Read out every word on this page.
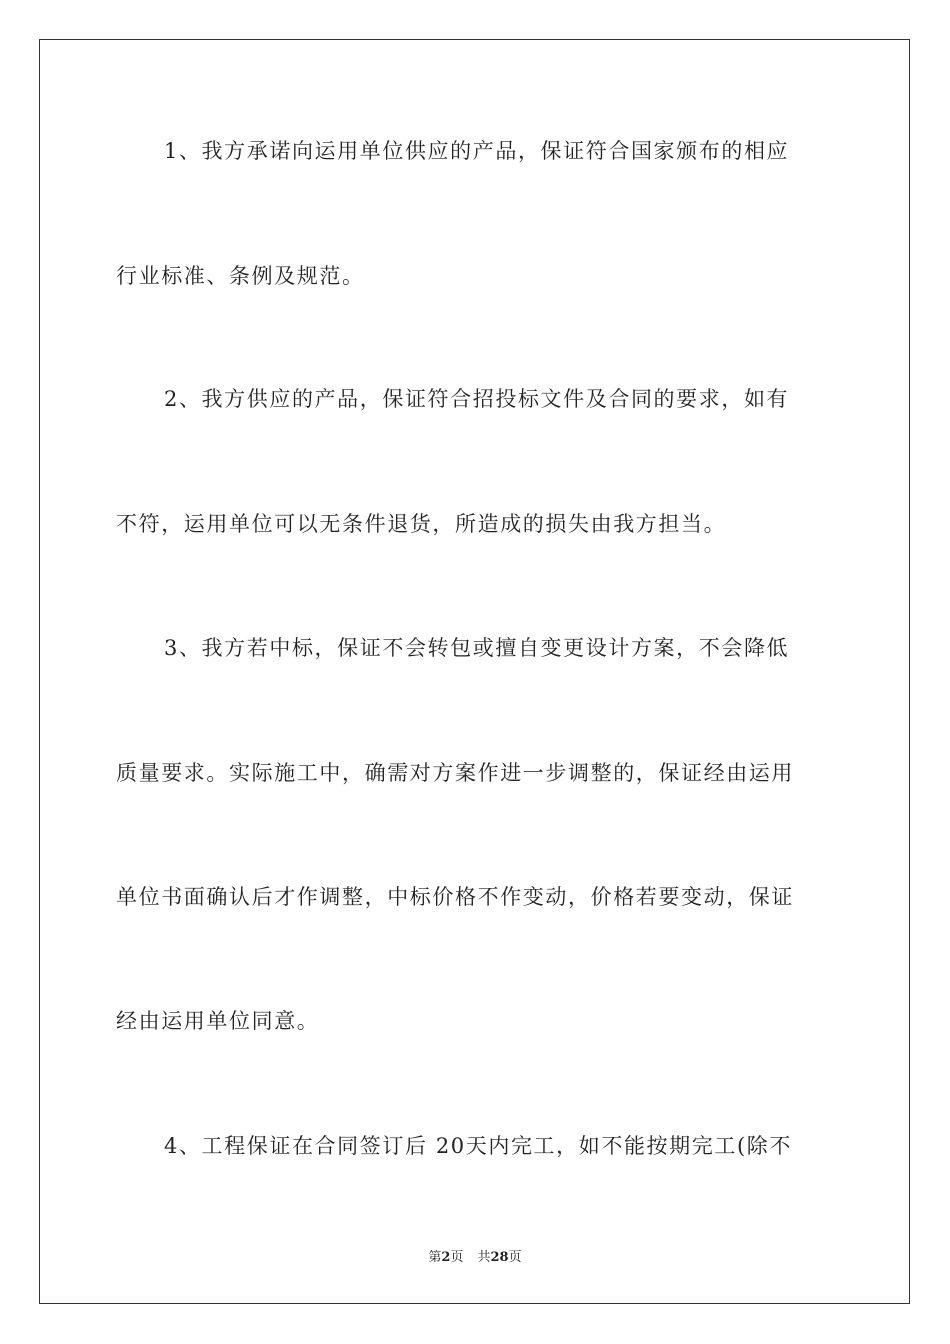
1、我方承诺向运用单位供应的产品，保证符合国家颁布的相应

行业标准、条例及规范。

2、我方供应的产品，保证符合招投标文件及合同的要求，如有

不符，运用单位可以无条件退货，所造成的损失由我方担当。

3、我方若中标，保证不会转包或擅自变更设计方案，不会降低

质量要求。实际施工中，确需对方案作进一步调整的，保证经由运用

单位书面确认后才作调整，中标价格不作变动，价格若要变动，保证

经由运用单位同意。

4、工程保证在合同签订后 20天内完工，如不能按期完工(除不

第2页 共28页
